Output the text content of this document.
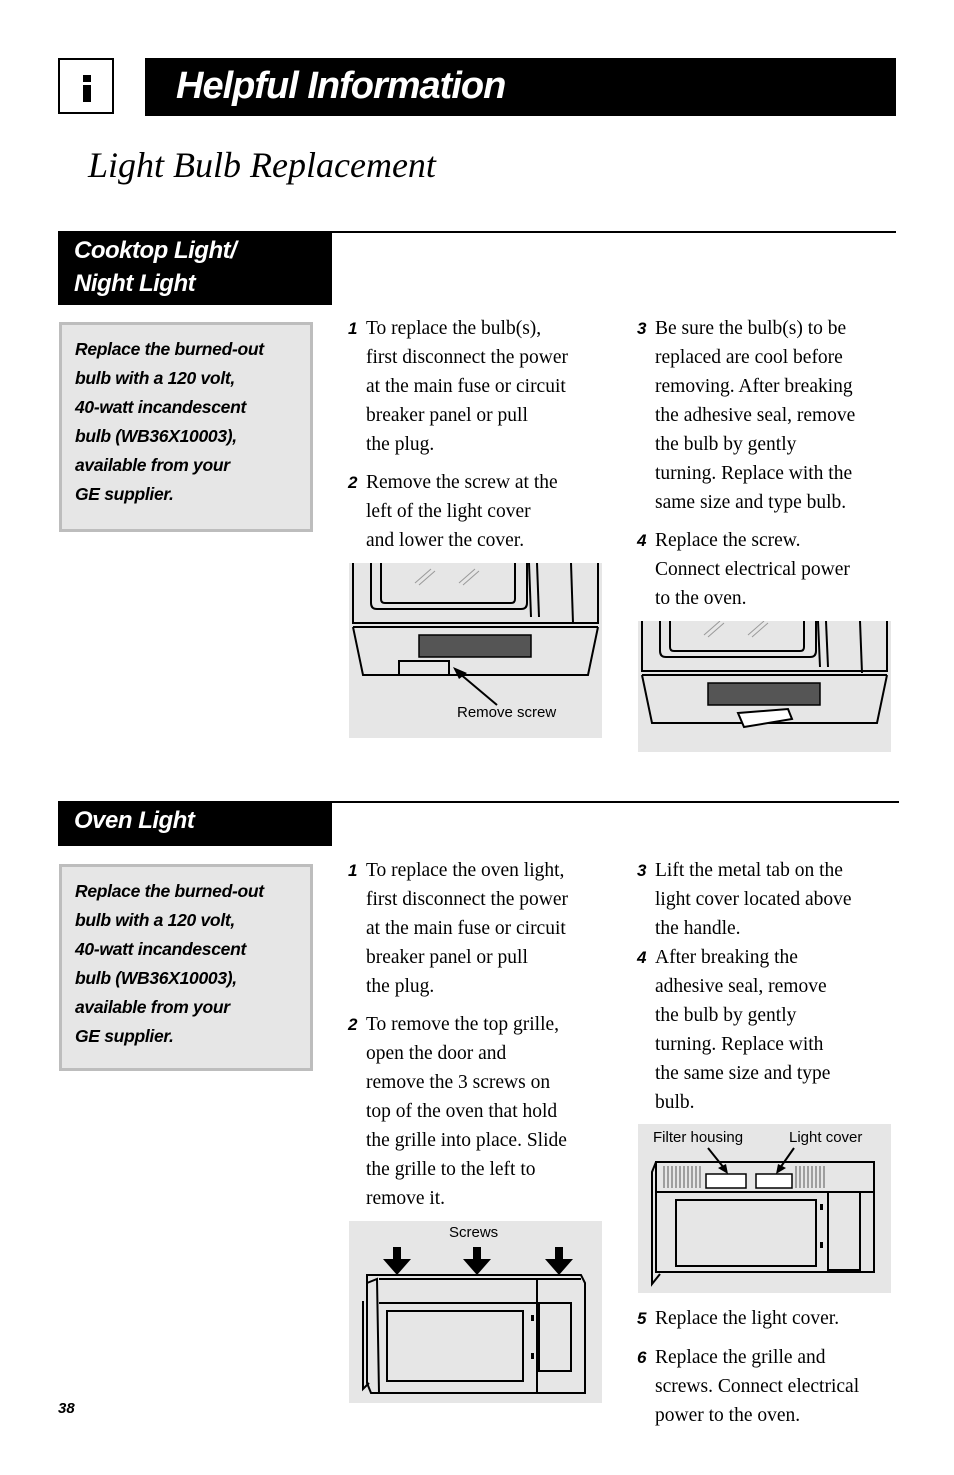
Helpful Information
Light Bulb Replacement
Cooktop Light/
Night Light
Replace the burned-out
bulb with a 120 volt,
40-watt incandescent
bulb (WB36X10003),
available from your
GE supplier.
1 To replace the bulb(s),
first disconnect the power
at the main fuse or circuit
breaker panel or pull
the plug.
2 Remove the screw at the
left of the light cover
and lower the cover.
3 Be sure the bulb(s) to be
replaced are cool before
removing. After breaking
the adhesive seal, remove
the bulb by gently
turning. Replace with the
same size and type bulb.
4 Replace the screw.
Connect electrical power
to the oven.
Remove screw
Oven Light
Replace the burned-out
bulb with a 120 volt,
40-watt incandescent
bulb (WB36X10003),
available from your
GE supplier.
1 To replace the oven light,
first disconnect the power
at the main fuse or circuit
breaker panel or pull
the plug.
2 To remove the top grille,
open the door and
remove the 3 screws on
top of the oven that hold
the grille into place. Slide
the grille to the left to
remove it.
3 Lift the metal tab on the
light cover located above
the handle.
4 After breaking the
adhesive seal, remove
the bulb by gently
turning. Replace with
the same size and type
bulb.
Filter housing	Light cover
5 Replace the light cover.
6 Replace the grille and
screws. Connect electrical
power to the oven.
Screws
38
